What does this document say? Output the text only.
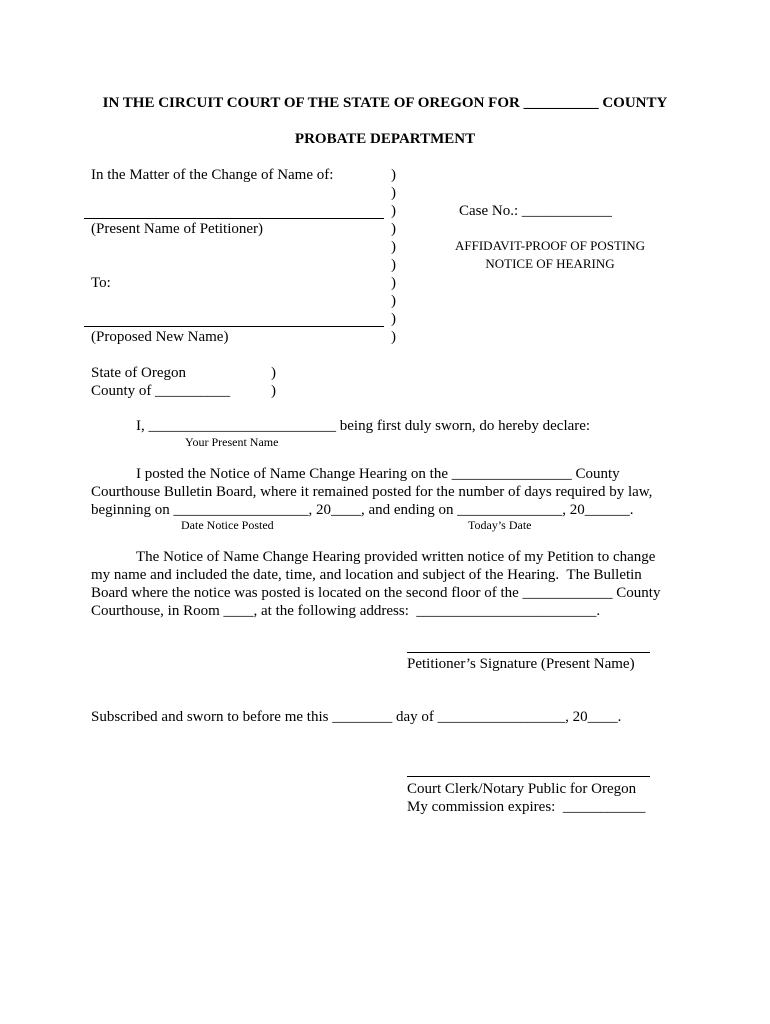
IN THE CIRCUIT COURT OF THE STATE OF OREGON FOR __________ COUNTY
PROBATE DEPARTMENT
In the Matter of the Change of Name of:
(Present Name of Petitioner)
To:
(Proposed New Name)
)
)
)
)
)
)
)
)
)
)
Case No.: ____________
AFFIDAVIT-PROOF OF POSTING
NOTICE OF HEARING
State of Oregon
County of __________
)
)
I, _________________________ being first duly sworn, do hereby declare:
Your Present Name
I posted the Notice of Name Change Hearing on the ________________ County
Courthouse Bulletin Board, where it remained posted for the number of days required by law,
beginning on __________________, 20____, and ending on ______________, 20______.
Date Notice Posted	Today’s Date
The Notice of Name Change Hearing provided written notice of my Petition to change
my name and included the date, time, and location and subject of the Hearing.  The Bulletin
Board where the notice was posted is located on the second floor of the ____________ County
Courthouse, in Room ____, at the following address:  ________________________.
Petitioner’s Signature (Present Name)
Subscribed and sworn to before me this ________ day of _________________, 20____.
Court Clerk/Notary Public for Oregon
My commission expires:  ___________
